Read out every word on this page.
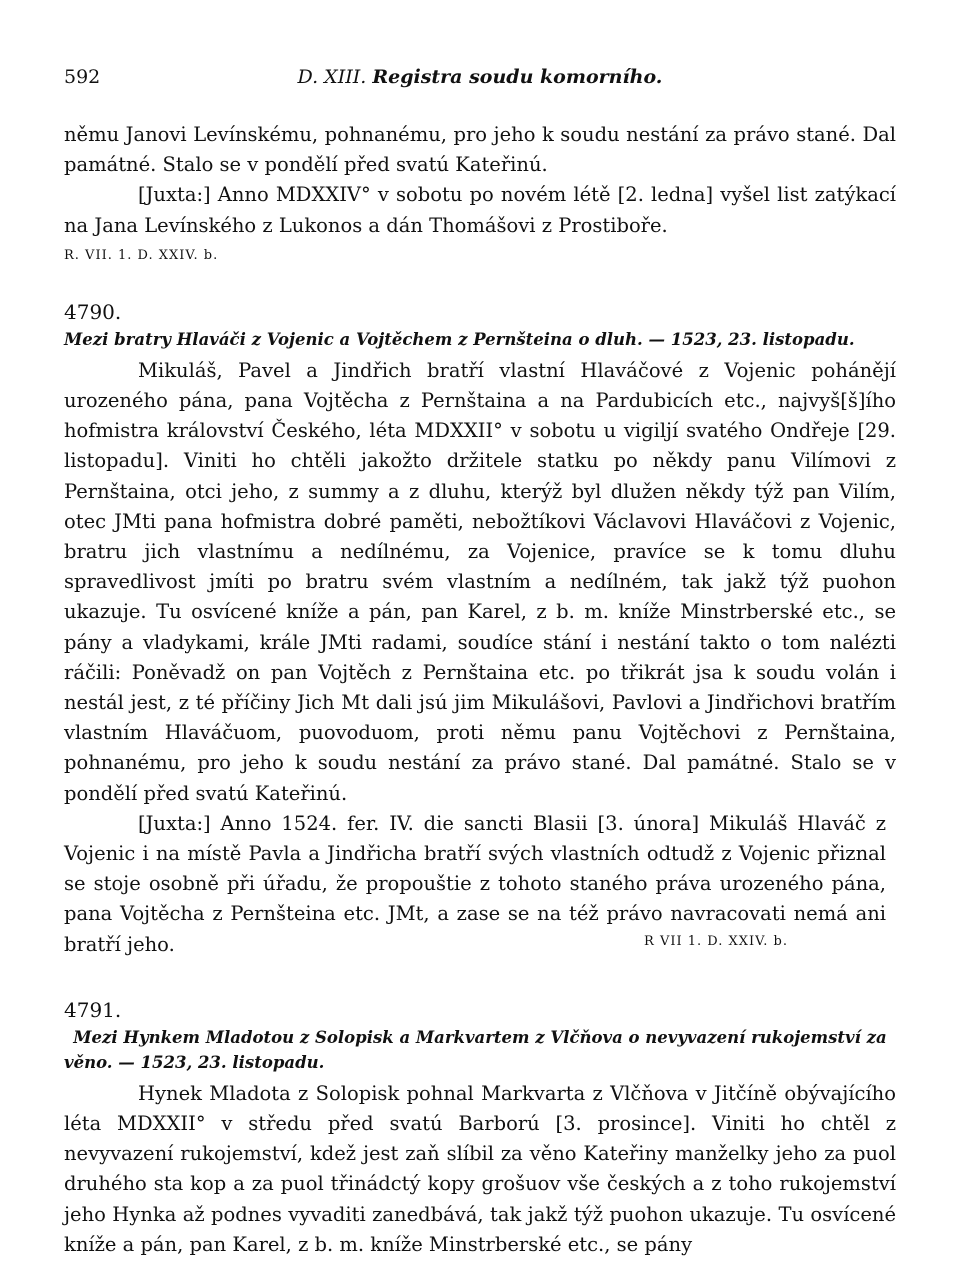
592	D. XIII. Registra soudu komorního.

němu Janovi Levínskému, pohnanému, pro jeho k soudu nestání za právo stané. Dal památné. Stalo se v pondělí před svatú Kateřinú.

[Juxta:] Anno MDXXIV° v sobotu po novém létě [2. ledna] vyšel list zatýkací na Jana Levínského z Lukonos a dán Thomášovi z Prostiboře.

R. VII. 1. D. XXIV. b.

4790.

Mezi bratry Hlaváči z Vojenic a Vojtěchem z Pernšteina o dluh. — 1523, 23. listopadu.

Mikuláš, Pavel a Jindřich bratří vlastní Hlaváčové z Vojenic pohánějí urozeného pána, pana Vojtěcha z Pernštaina a na Pardubicích etc., najvyš[š]ího hofmistra království Českého, léta MDXXII° v sobotu u vigiljí svatého Ondřeje [29. listopadu]. Viniti ho chtěli jakožto držitele statku po někdy panu Vilímovi z Pernštaina, otci jeho, z summy a z dluhu, kterýž byl dlužen někdy týž pan Vilím, otec JMti pana hofmistra dobré paměti, nebožtíkovi Václavovi Hlaváčovi z Vojenic, bratru jich vlastnímu a nedílnému, za Vojenice, pravíce se k tomu dluhu spravedlivost jmíti po bratru svém vlastním a nedílném, tak jakž týž puohon ukazuje. Tu osvícené kníže a pán, pan Karel, z b. m. kníže Minstrberské etc., se pány a vladykami, krále JMti radami, soudíce stání i nestání takto o tom nalézti ráčili: Poněvadž on pan Vojtěch z Pernštaina etc. po třikrát jsa k soudu volán i nestál jest, z té příčiny Jich Mt dali jsú jim Mikulášovi, Pavlovi a Jindřichovi bratřím vlastním Hlaváčuom, puovoduom, proti němu panu Vojtěchovi z Pernštaina, pohnanému, pro jeho k soudu nestání za právo stané. Dal památné. Stalo se v pondělí před svatú Kateřinú.

[Juxta:] Anno 1524. fer. IV. die sancti Blasii [3. února] Mikuláš Hlaváč z Vojenic i na místě Pavla a Jindřicha bratří svých vlastních odtudž z Vojenic přiznal se stoje osobně při úřadu, že propouštie z tohoto staného práva urozeného pána, pana Vojtěcha z Pernšteina etc. JMt, a zase se na též právo navracovati nemá ani bratří jeho.	R VII 1. D. XXIV. b.

4791.

Mezi Hynkem Mladotou z Solopisk a Markvartem z Vlčňova o nevyvazení rukojemství za věno. — 1523, 23. listopadu.

Hynek Mladota z Solopisk pohnal Markvarta z Vlčňova v Jitčíně obývajícího léta MDXXII° v středu před svatú Barború [3. prosince]. Viniti ho chtěl z nevyvazení rukojemství, kdež jest zaň slíbil za věno Kateřiny manželky jeho za puol druhého sta kop a za puol třinádctý kopy grošuov vše českých a z toho rukojemství jeho Hynka až podnes vyvaditi zanedbává, tak jakž týž puohon ukazuje. Tu osvícené kníže a pán, pan Karel, z b. m. kníže Minstrberské etc., se pány
